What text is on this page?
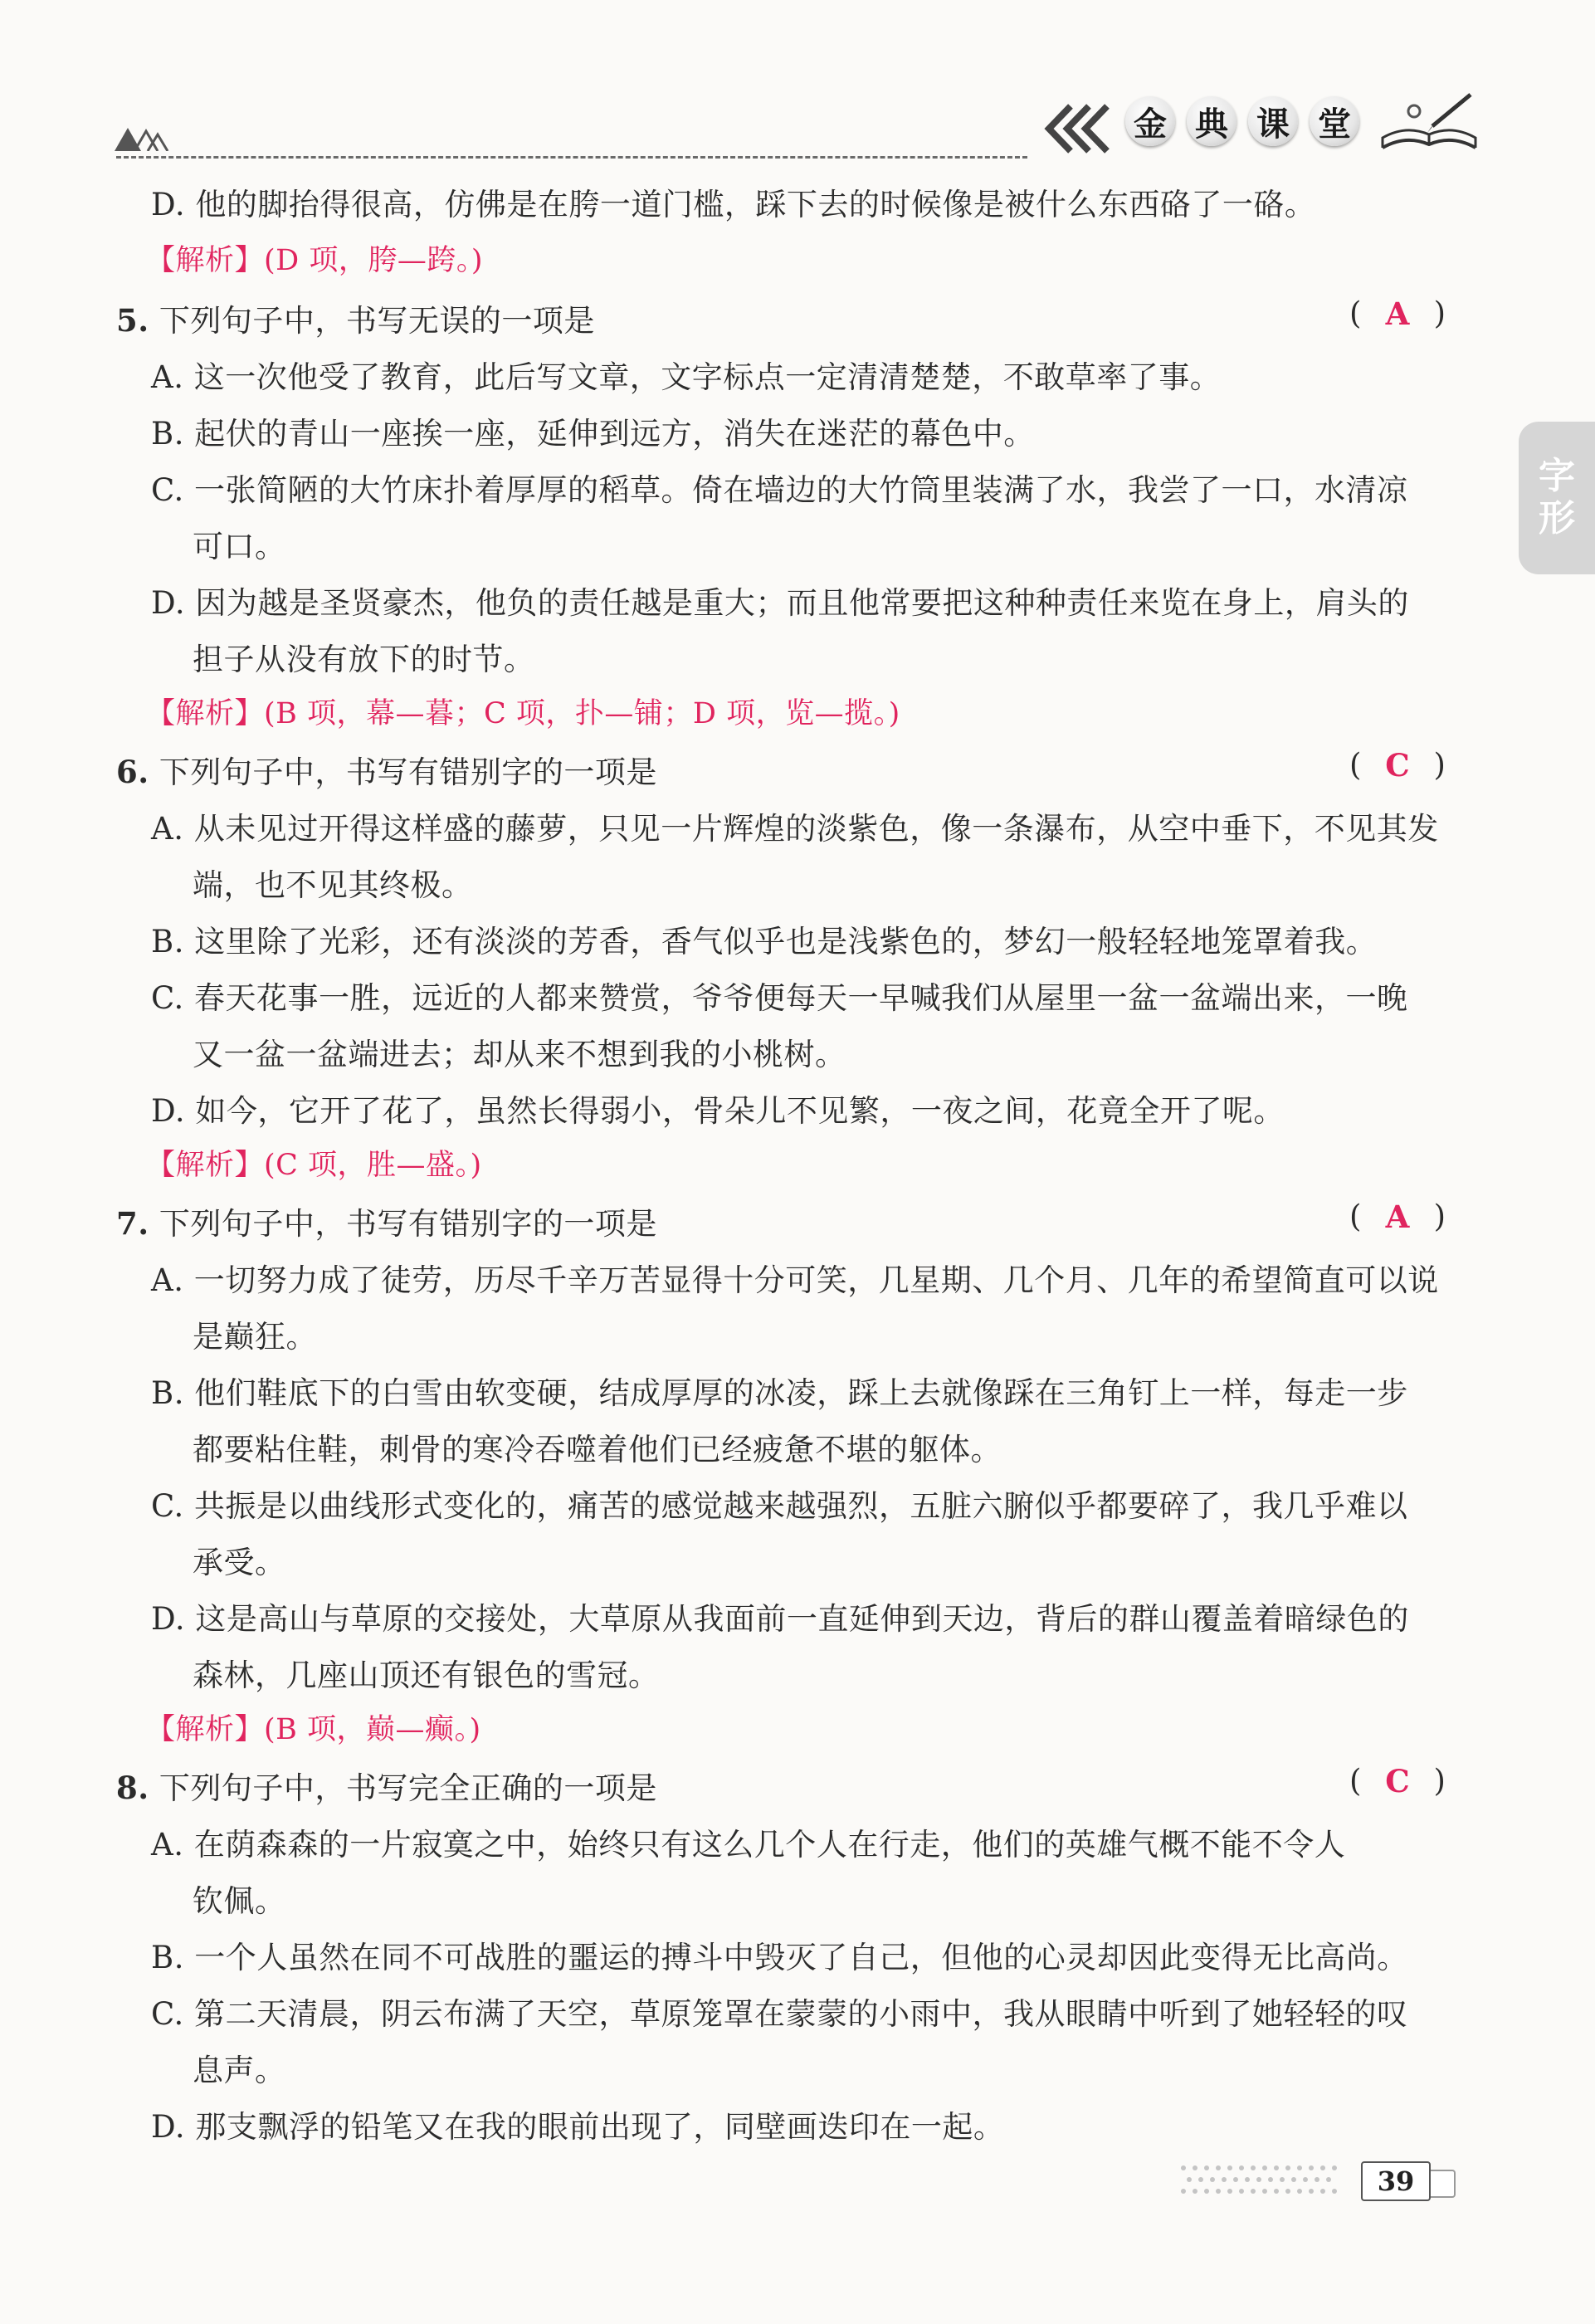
金 典 课 堂
字
形
D. 他的脚抬得很高，仿佛是在胯一道门槛，踩下去的时候像是被什么东西硌了一硌。
【解析】(D 项，胯—跨。)
5. 下列句子中，书写无误的一项是	( A )
A. 这一次他受了教育，此后写文章，文字标点一定清清楚楚，不敢草率了事。
B. 起伏的青山一座挨一座，延伸到远方，消失在迷茫的幕色中。
C. 一张简陋的大竹床扑着厚厚的稻草。倚在墙边的大竹筒里装满了水，我尝了一口，水清凉
可口。
D. 因为越是圣贤豪杰，他负的责任越是重大；而且他常要把这种种责任来览在身上，肩头的
担子从没有放下的时节。
【解析】(B 项，幕—暮；C 项，扑—铺；D 项，览—揽。)
6. 下列句子中，书写有错别字的一项是	( C )
A. 从未见过开得这样盛的藤萝，只见一片辉煌的淡紫色，像一条瀑布，从空中垂下，不见其发
端，也不见其终极。
B. 这里除了光彩，还有淡淡的芳香，香气似乎也是浅紫色的，梦幻一般轻轻地笼罩着我。
C. 春天花事一胜，远近的人都来赞赏，爷爷便每天一早喊我们从屋里一盆一盆端出来，一晚
又一盆一盆端进去；却从来不想到我的小桃树。
D. 如今，它开了花了，虽然长得弱小，骨朵儿不见繁，一夜之间，花竟全开了呢。
【解析】(C 项，胜—盛。)
7. 下列句子中，书写有错别字的一项是	( A )
A. 一切努力成了徒劳，历尽千辛万苦显得十分可笑，几星期、几个月、几年的希望简直可以说
是巅狂。
B. 他们鞋底下的白雪由软变硬，结成厚厚的冰凌，踩上去就像踩在三角钉上一样，每走一步
都要粘住鞋，刺骨的寒冷吞噬着他们已经疲惫不堪的躯体。
C. 共振是以曲线形式变化的，痛苦的感觉越来越强烈，五脏六腑似乎都要碎了，我几乎难以
承受。
D. 这是高山与草原的交接处，大草原从我面前一直延伸到天边，背后的群山覆盖着暗绿色的
森林，几座山顶还有银色的雪冠。
【解析】(B 项，巅—癫。)
8. 下列句子中，书写完全正确的一项是	( C )
A. 在荫森森的一片寂寞之中，始终只有这么几个人在行走，他们的英雄气概不能不令人
钦佩。
B. 一个人虽然在同不可战胜的噩运的搏斗中毁灭了自己，但他的心灵却因此变得无比高尚。
C. 第二天清晨，阴云布满了天空，草原笼罩在蒙蒙的小雨中，我从眼睛中听到了她轻轻的叹
息声。
D. 那支飘浮的铅笔又在我的眼前出现了，同壁画迭印在一起。
39
